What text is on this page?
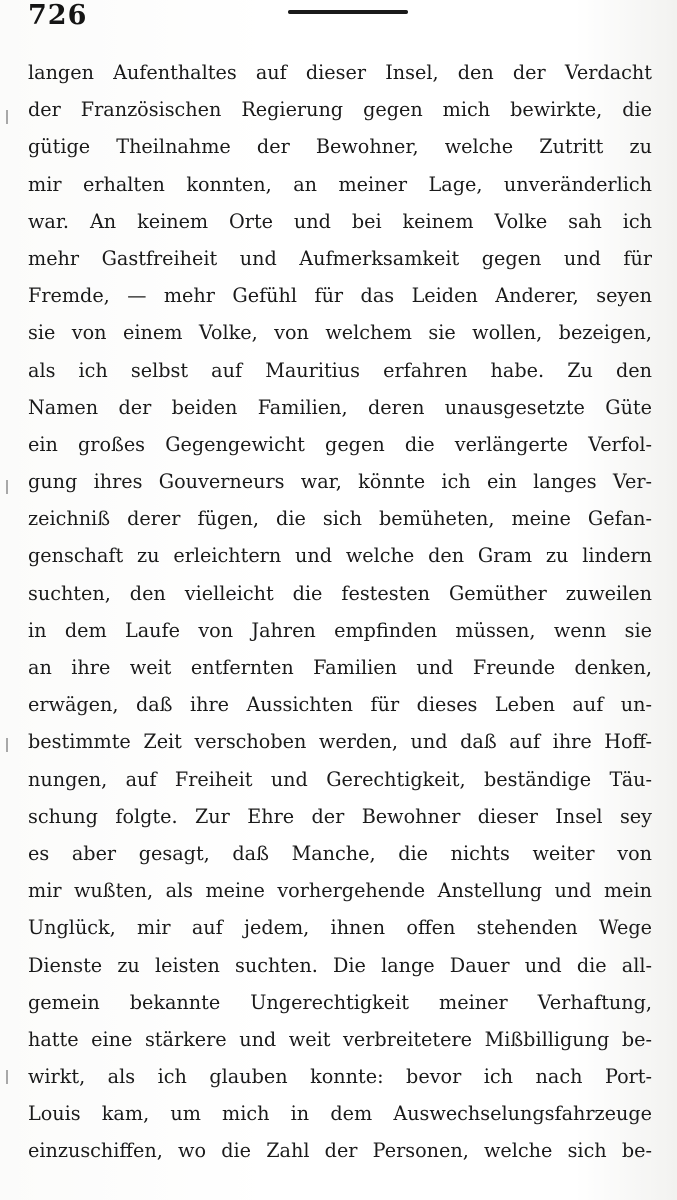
726
langen Aufenthaltes auf dieser Insel, den der Verdacht
der Französischen Regierung gegen mich bewirkte, die
gütige Theilnahme der Bewohner, welche Zutritt zu
mir erhalten konnten, an meiner Lage, unveränderlich
war. An keinem Orte und bei keinem Volke sah ich
mehr Gastfreiheit und Aufmerksamkeit gegen und für
Fremde, — mehr Gefühl für das Leiden Anderer, seyen
sie von einem Volke, von welchem sie wollen, bezeigen,
als ich selbst auf Mauritius erfahren habe. Zu den
Namen der beiden Familien, deren unausgesetzte Güte
ein großes Gegengewicht gegen die verlängerte Verfol-
gung ihres Gouverneurs war, könnte ich ein langes Ver-
zeichniß derer fügen, die sich bemüheten, meine Gefan-
genschaft zu erleichtern und welche den Gram zu lindern
suchten, den vielleicht die festesten Gemüther zuweilen
in dem Laufe von Jahren empfinden müssen, wenn sie
an ihre weit entfernten Familien und Freunde denken,
erwägen, daß ihre Aussichten für dieses Leben auf un-
bestimmte Zeit verschoben werden, und daß auf ihre Hoff-
nungen, auf Freiheit und Gerechtigkeit, beständige Täu-
schung folgte. Zur Ehre der Bewohner dieser Insel sey
es aber gesagt, daß Manche, die nichts weiter von
mir wußten, als meine vorhergehende Anstellung und mein
Unglück, mir auf jedem, ihnen offen stehenden Wege
Dienste zu leisten suchten. Die lange Dauer und die all-
gemein bekannte Ungerechtigkeit meiner Verhaftung,
hatte eine stärkere und weit verbreitetere Mißbilligung be-
wirkt, als ich glauben konnte: bevor ich nach Port-
Louis kam, um mich in dem Auswechselungsfahrzeuge
einzuschiffen, wo die Zahl der Personen, welche sich be-
